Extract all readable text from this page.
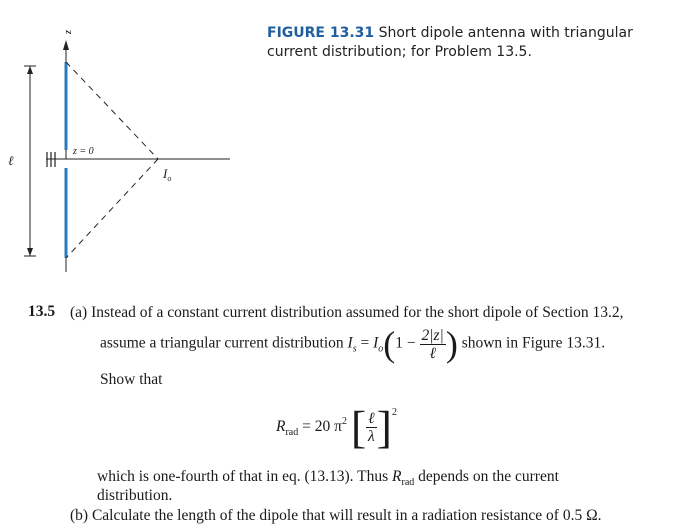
z
z = 0
ℓ
$I_o$
FIGURE 13.31 Short dipole antenna with triangular current distribution; for Problem 13.5.
13.5 (a) Instead of a constant current distribution assumed for the short dipole of Section 13.2,
assume a triangular current distribution $I_s = I_o(1 - \frac{2|z|}{\text{ℓ}}$ ) shown in Figure 13.31.
Show that
$R_{rad} = 20$ $\pi^2$ [ $\frac{\text{ℓ}}{\lambda} ]^2$
which is one-fourth of that in eq. (13.13). Thus $R_{rad}$ depends on the current
distribution.
(b) Calculate the length of the dipole that will result in a radiation resistance of 0.5 Ω.
